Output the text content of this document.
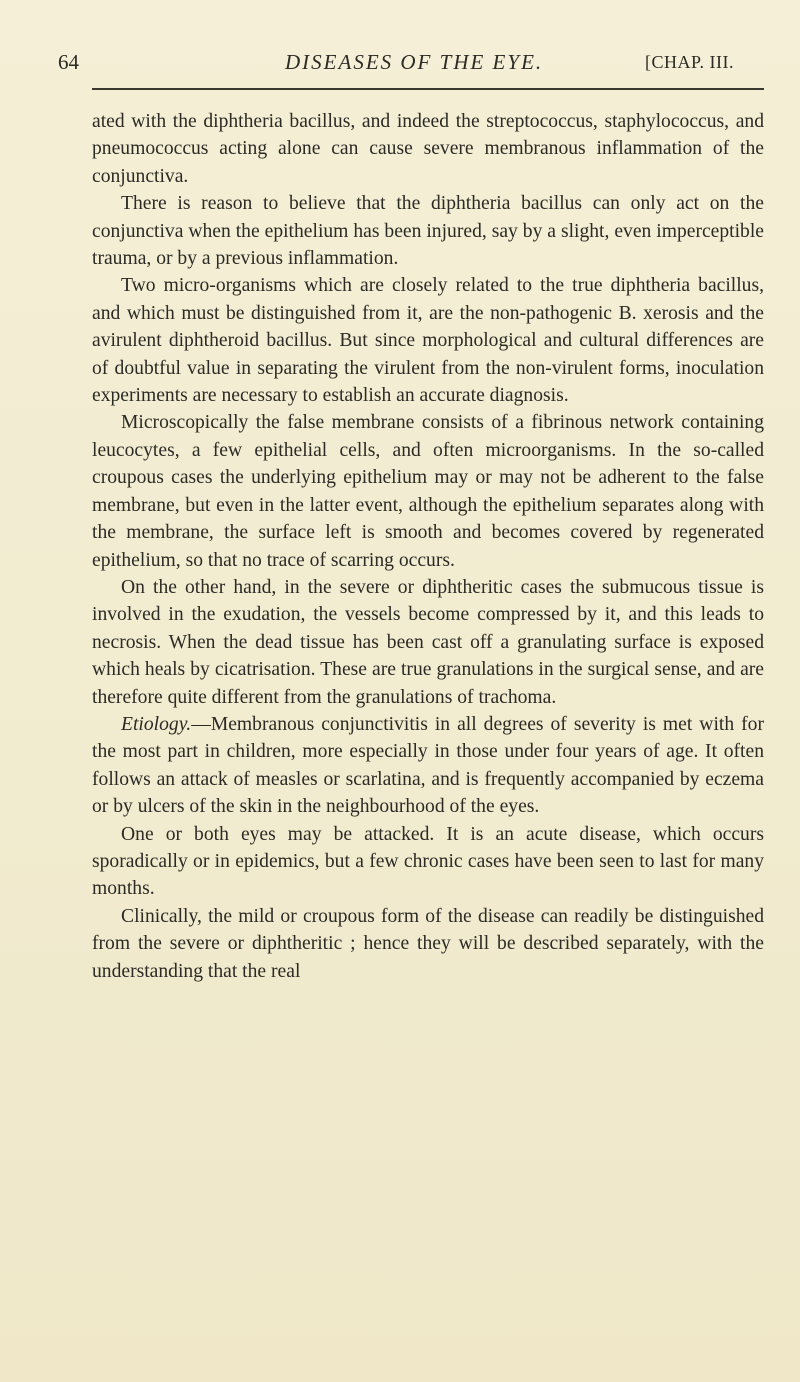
64	DISEASES OF THE EYE.	[CHAP. III.

ated with the diphtheria bacillus, and indeed the streptococcus, staphylococcus, and pneumococcus acting alone can cause severe membranous inflammation of the conjunctiva.

There is reason to believe that the diphtheria bacillus can only act on the conjunctiva when the epithelium has been injured, say by a slight, even imperceptible trauma, or by a previous inflammation.

Two micro-organisms which are closely related to the true diphtheria bacillus, and which must be distinguished from it, are the non-pathogenic B. xerosis and the avirulent diphtheroid bacillus. But since morphological and cultural differences are of doubtful value in separating the virulent from the non-virulent forms, inoculation experiments are necessary to establish an accurate diagnosis.

Microscopically the false membrane consists of a fibrinous network containing leucocytes, a few epithelial cells, and often microorganisms. In the so-called croupous cases the underlying epithelium may or may not be adherent to the false membrane, but even in the latter event, although the epithelium separates along with the membrane, the surface left is smooth and becomes covered by regenerated epithelium, so that no trace of scarring occurs.

On the other hand, in the severe or diphtheritic cases the submucous tissue is involved in the exudation, the vessels become compressed by it, and this leads to necrosis. When the dead tissue has been cast off a granulating surface is exposed which heals by cicatrisation. These are true granulations in the surgical sense, and are therefore quite different from the granulations of trachoma.

Etiology.—Membranous conjunctivitis in all degrees of severity is met with for the most part in children, more especially in those under four years of age. It often follows an attack of measles or scarlatina, and is frequently accompanied by eczema or by ulcers of the skin in the neighbourhood of the eyes.

One or both eyes may be attacked. It is an acute disease, which occurs sporadically or in epidemics, but a few chronic cases have been seen to last for many months.

Clinically, the mild or croupous form of the disease can readily be distinguished from the severe or diphtheritic ; hence they will be described separately, with the understanding that the real
